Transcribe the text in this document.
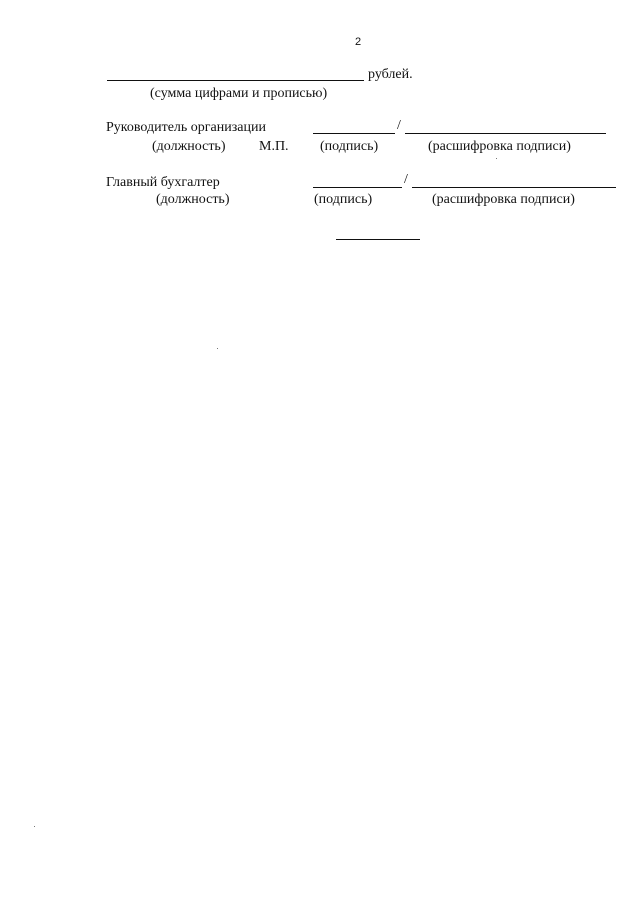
2
рублей.
(сумма цифрами и прописью)
Руководитель организации	/
(должность) М.П. (подпись)	(расшифровка подписи)
Главный бухгалтер	/
(должность)	(подпись)	(расшифровка подписи)
